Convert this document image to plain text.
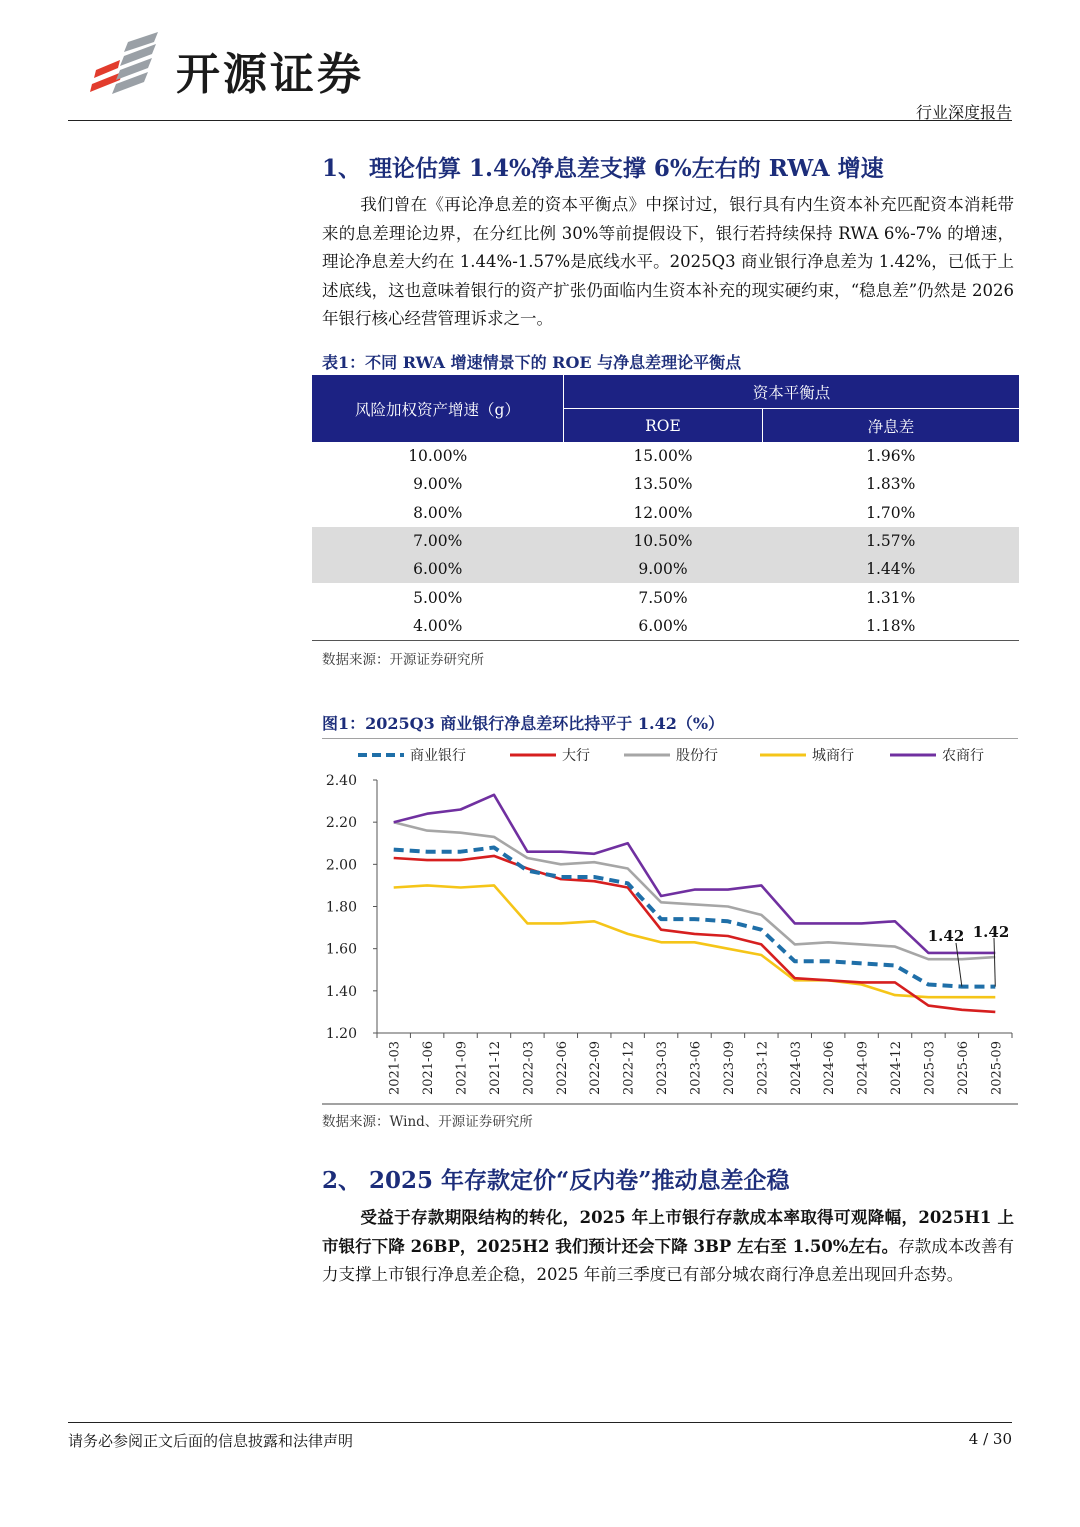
开源证券
行业深度报告
1、 理论估算 1.4%净息差支撑 6%左右的 RWA 增速
我们曾在《再论净息差的资本平衡点》中探讨过，银行具有内生资本补充匹配资本消耗带来的息差理论边界，在分红比例 30%等前提假设下，银行若持续保持 RWA 6%-7% 的增速，理论净息差大约在 1.44%-1.57%是底线水平。2025Q3 商业银行净息差为 1.42%，已低于上述底线，这也意味着银行的资产扩张仍面临内生资本补充的现实硬约束，“稳息差”仍然是 2026 年银行核心经营管理诉求之一。
表1：不同 RWA 增速情景下的 ROE 与净息差理论平衡点
风险加权资产增速（g）	资本平衡点	
	ROE	净息差
10.00%	15.00%	1.96%
9.00%	13.50%	1.83%
8.00%	12.00%	1.70%
7.00%	10.50%	1.57%
6.00%	9.00%	1.44%
5.00%	7.50%	1.31%
4.00%	6.00%	1.18%
数据来源：开源证券研究所
图1：2025Q3 商业银行净息差环比持平于 1.42（%）
商业银行	大行	股份行	城商行	农商行
2.40
2.20
2.00
1.80
1.60
1.40
1.20
2021-03 2021-06 2021-09 2021-12 2022-03 2022-06 2022-09 2022-12 2023-03 2023-06 2023-09 2023-12 2024-03 2024-06 2024-09 2024-12 2025-03 2025-06 2025-09
1.42 1.42
数据来源：Wind、开源证券研究所
2、 2025 年存款定价“反内卷”推动息差企稳
受益于存款期限结构的转化，2025 年上市银行存款成本率取得可观降幅，2025H1 上市银行下降 26BP，2025H2 我们预计还会下降 3BP 左右至 1.50%左右。存款成本改善有力支撑上市银行净息差企稳，2025 年前三季度已有部分城农商行净息差出现回升态势。
请务必参阅正文后面的信息披露和法律声明	4 / 30
